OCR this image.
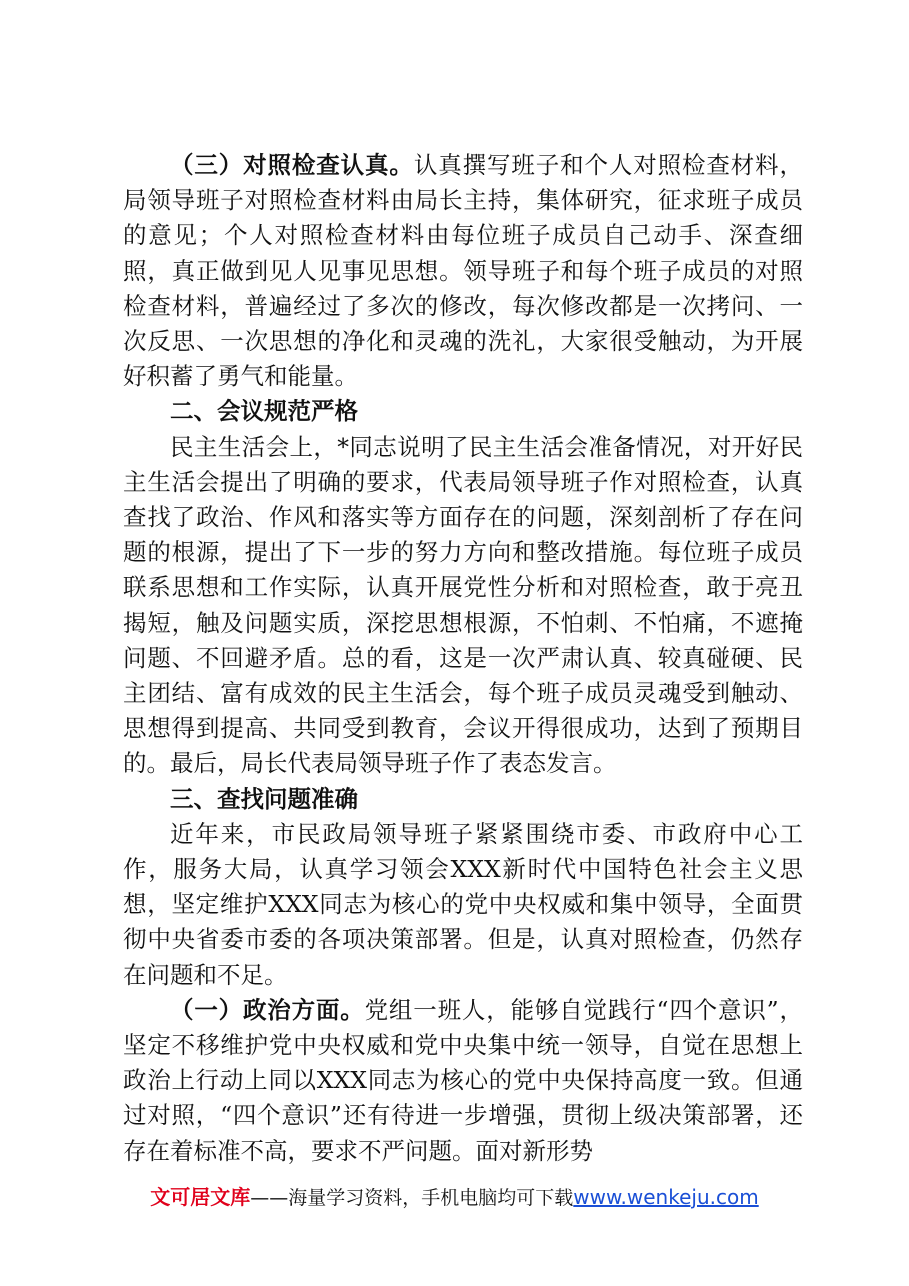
（三）对照检查认真。认真撰写班子和个人对照检查材料，局领导班子对照检查材料由局长主持，集体研究，征求班子成员的意见；个人对照检查材料由每位班子成员自己动手、深查细照，真正做到见人见事见思想。领导班子和每个班子成员的对照检查材料，普遍经过了多次的修改，每次修改都是一次拷问、一次反思、一次思想的净化和灵魂的洗礼，大家很受触动，为开展好积蓄了勇气和能量。

二、会议规范严格

民主生活会上，*同志说明了民主生活会准备情况，对开好民主生活会提出了明确的要求，代表局领导班子作对照检查，认真查找了政治、作风和落实等方面存在的问题，深刻剖析了存在问题的根源，提出了下一步的努力方向和整改措施。每位班子成员联系思想和工作实际，认真开展党性分析和对照检查，敢于亮丑揭短，触及问题实质，深挖思想根源，不怕刺、不怕痛，不遮掩问题、不回避矛盾。总的看，这是一次严肃认真、较真碰硬、民主团结、富有成效的民主生活会，每个班子成员灵魂受到触动、思想得到提高、共同受到教育，会议开得很成功，达到了预期目的。最后，局长代表局领导班子作了表态发言。

三、查找问题准确

近年来，市民政局领导班子紧紧围绕市委、市政府中心工作，服务大局，认真学习领会XXX新时代中国特色社会主义思想，坚定维护XXX同志为核心的党中央权威和集中领导，全面贯彻中央省委市委的各项决策部署。但是，认真对照检查，仍然存在问题和不足。

（一）政治方面。党组一班人，能够自觉践行“四个意识”，坚定不移维护党中央权威和党中央集中统一领导，自觉在思想上政治上行动上同以XXX同志为核心的党中央保持高度一致。但通过对照，“四个意识”还有待进一步增强，贯彻上级决策部署，还存在着标准不高，要求不严问题。面对新形势

文可居文库——海量学习资料，手机电脑均可下载www.wenkeju.com
